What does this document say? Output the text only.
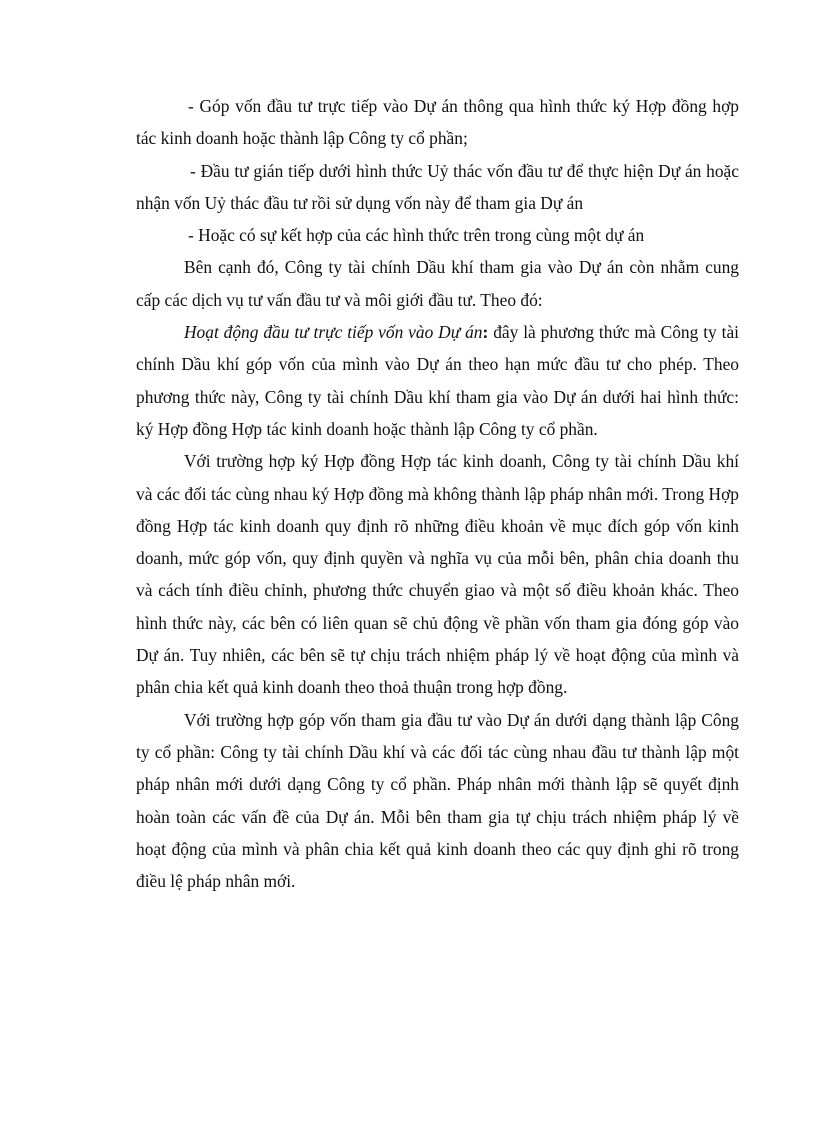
- Góp vốn đầu tư trực tiếp vào Dự án thông qua hình thức ký Hợp đồng hợp tác kinh doanh hoặc thành lập Công ty cổ phần;

- Đầu tư gián tiếp dưới hình thức Uỷ thác vốn đầu tư để thực hiện Dự án hoặc nhận vốn Uỷ thác đầu tư rồi sử dụng vốn này để tham gia Dự án

- Hoặc có sự kết hợp của các hình thức trên trong cùng một dự án

Bên cạnh đó, Công ty tài chính Dầu khí tham gia vào Dự án còn nhằm cung cấp các dịch vụ tư vấn đầu tư và môi giới đầu tư. Theo đó:

Hoạt động đầu tư trực tiếp vốn vào Dự án: đây là phương thức mà Công ty tài chính Dầu khí góp vốn của mình vào Dự án theo hạn mức đầu tư cho phép. Theo phương thức này, Công ty tài chính Dầu khí tham gia vào Dự án dưới hai hình thức: ký Hợp đồng Hợp tác kinh doanh hoặc thành lập Công ty cổ phần.

Với trường hợp ký Hợp đồng Hợp tác kinh doanh, Công ty tài chính Dầu khí và các đối tác cùng nhau ký Hợp đồng mà không thành lập pháp nhân mới. Trong Hợp đồng Hợp tác kinh doanh quy định rõ những điều khoản về mục đích góp vốn kinh doanh, mức góp vốn, quy định quyền và nghĩa vụ của mỗi bên, phân chia doanh thu và cách tính điều chỉnh, phương thức chuyển giao và một số điều khoản khác. Theo hình thức này, các bên có liên quan sẽ chủ động về phần vốn tham gia đóng góp vào Dự án. Tuy nhiên, các bên sẽ tự chịu trách nhiệm pháp lý về hoạt động của mình và phân chia kết quả kinh doanh theo thoả thuận trong hợp đồng.

Với trường hợp góp vốn tham gia đầu tư vào Dự án dưới dạng thành lập Công ty cổ phần: Công ty tài chính Dầu khí và các đối tác cùng nhau đầu tư thành lập một pháp nhân mới dưới dạng Công ty cổ phần. Pháp nhân mới thành lập sẽ quyết định hoàn toàn các vấn đề của Dự án. Mỗi bên tham gia tự chịu trách nhiệm pháp lý về hoạt động của mình và phân chia kết quả kinh doanh theo các quy định ghi rõ trong điều lệ pháp nhân mới.
